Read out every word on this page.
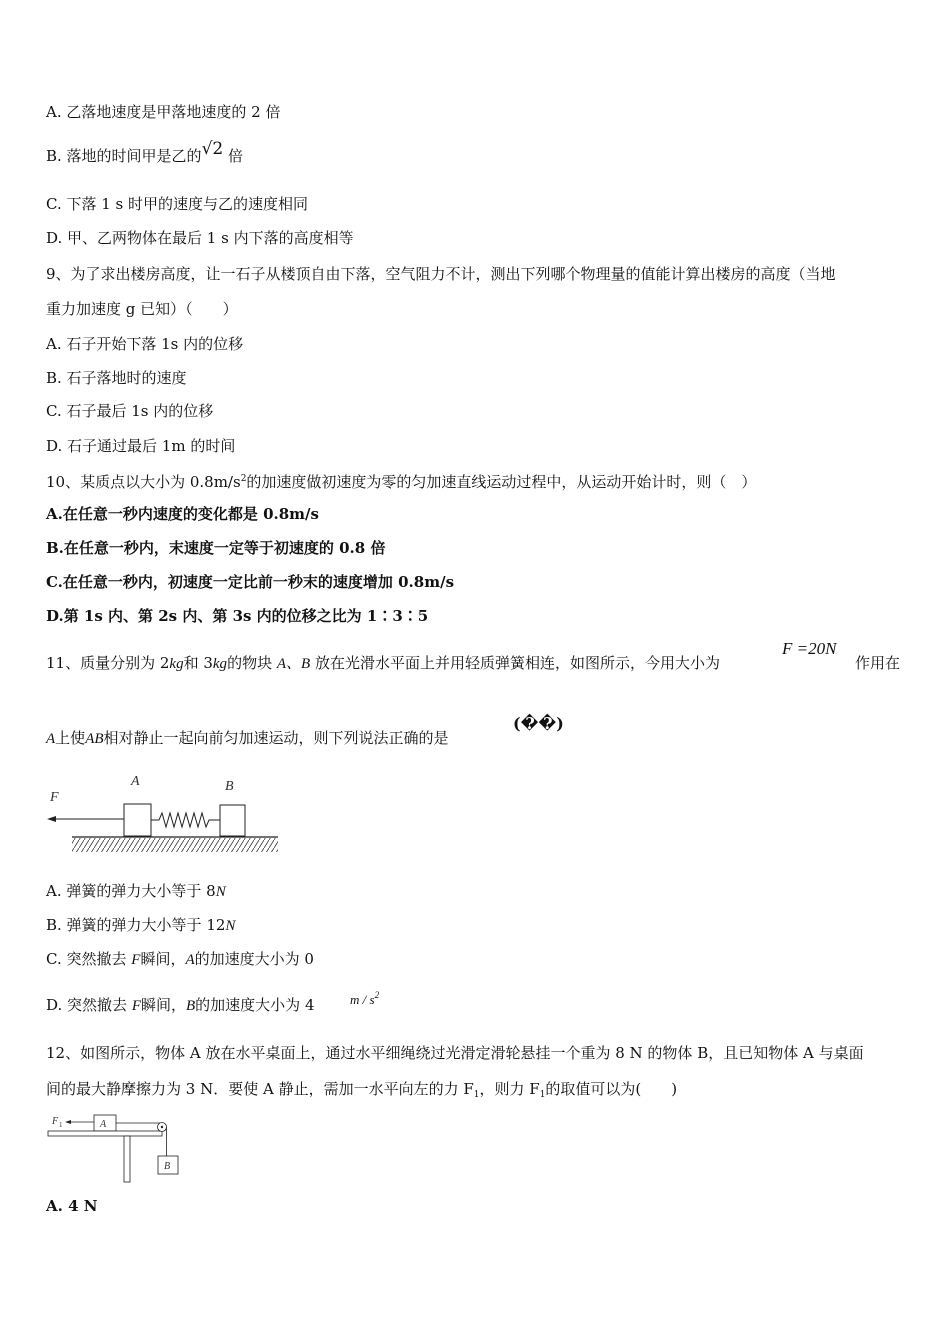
A. 乙落地速度是甲落地速度的 2 倍
B. 落地的时间甲是乙的√2 倍
C. 下落 1 s 时甲的速度与乙的速度相同
D. 甲、乙两物体在最后 1 s 内下落的高度相等
9、为了求出楼房高度，让一石子从楼顶自由下落，空气阻力不计，测出下列哪个物理量的值能计算出楼房的高度（当地
重力加速度 g 已知）（　　）
A. 石子开始下落 1s 内的位移
B. 石子落地时的速度
C. 石子最后 1s 内的位移
D. 石子通过最后 1m 的时间
10、某质点以大小为 $0.8m/s^2$的加速度做初速度为零的匀加速直线运动过程中，从运动开始计时，则（　）
A.在任意一秒内速度的变化都是 0.8m/s
B.在任意一秒内，末速度一定等于初速度的 0.8 倍
C.在任意一秒内，初速度一定比前一秒末的速度增加 0.8m/s
D.第 1s 内、第 2s 内、第 3s 内的位移之比为 1∶3∶5
11、质量分别为 2kg和 3kg的物块 A、B 放在光滑水平面上并用轻质弹簧相连，如图所示，今用大小为
F =20N
作用在
A上使AB相对静止一起向前匀加速运动，则下列说法正确的是
(��)
F
A	B
A. 弹簧的弹力大小等于 8N
B. 弹簧的弹力大小等于 12N
C. 突然撤去 F瞬间，A的加速度大小为 0
D. 突然撤去 F瞬间，B的加速度大小为 4	m / $s^2$
12、如图所示，物体 A 放在水平桌面上，通过水平细绳绕过光滑定滑轮悬挂一个重为 8 N 的物体 B，且已知物体 A 与桌面
间的最大静摩擦力为 3 N．要使 A 静止，需加一水平向左的力 $F_1$，则力 $F_1$的取值可以为(　　)
F 1	A
B
A. 4 N
